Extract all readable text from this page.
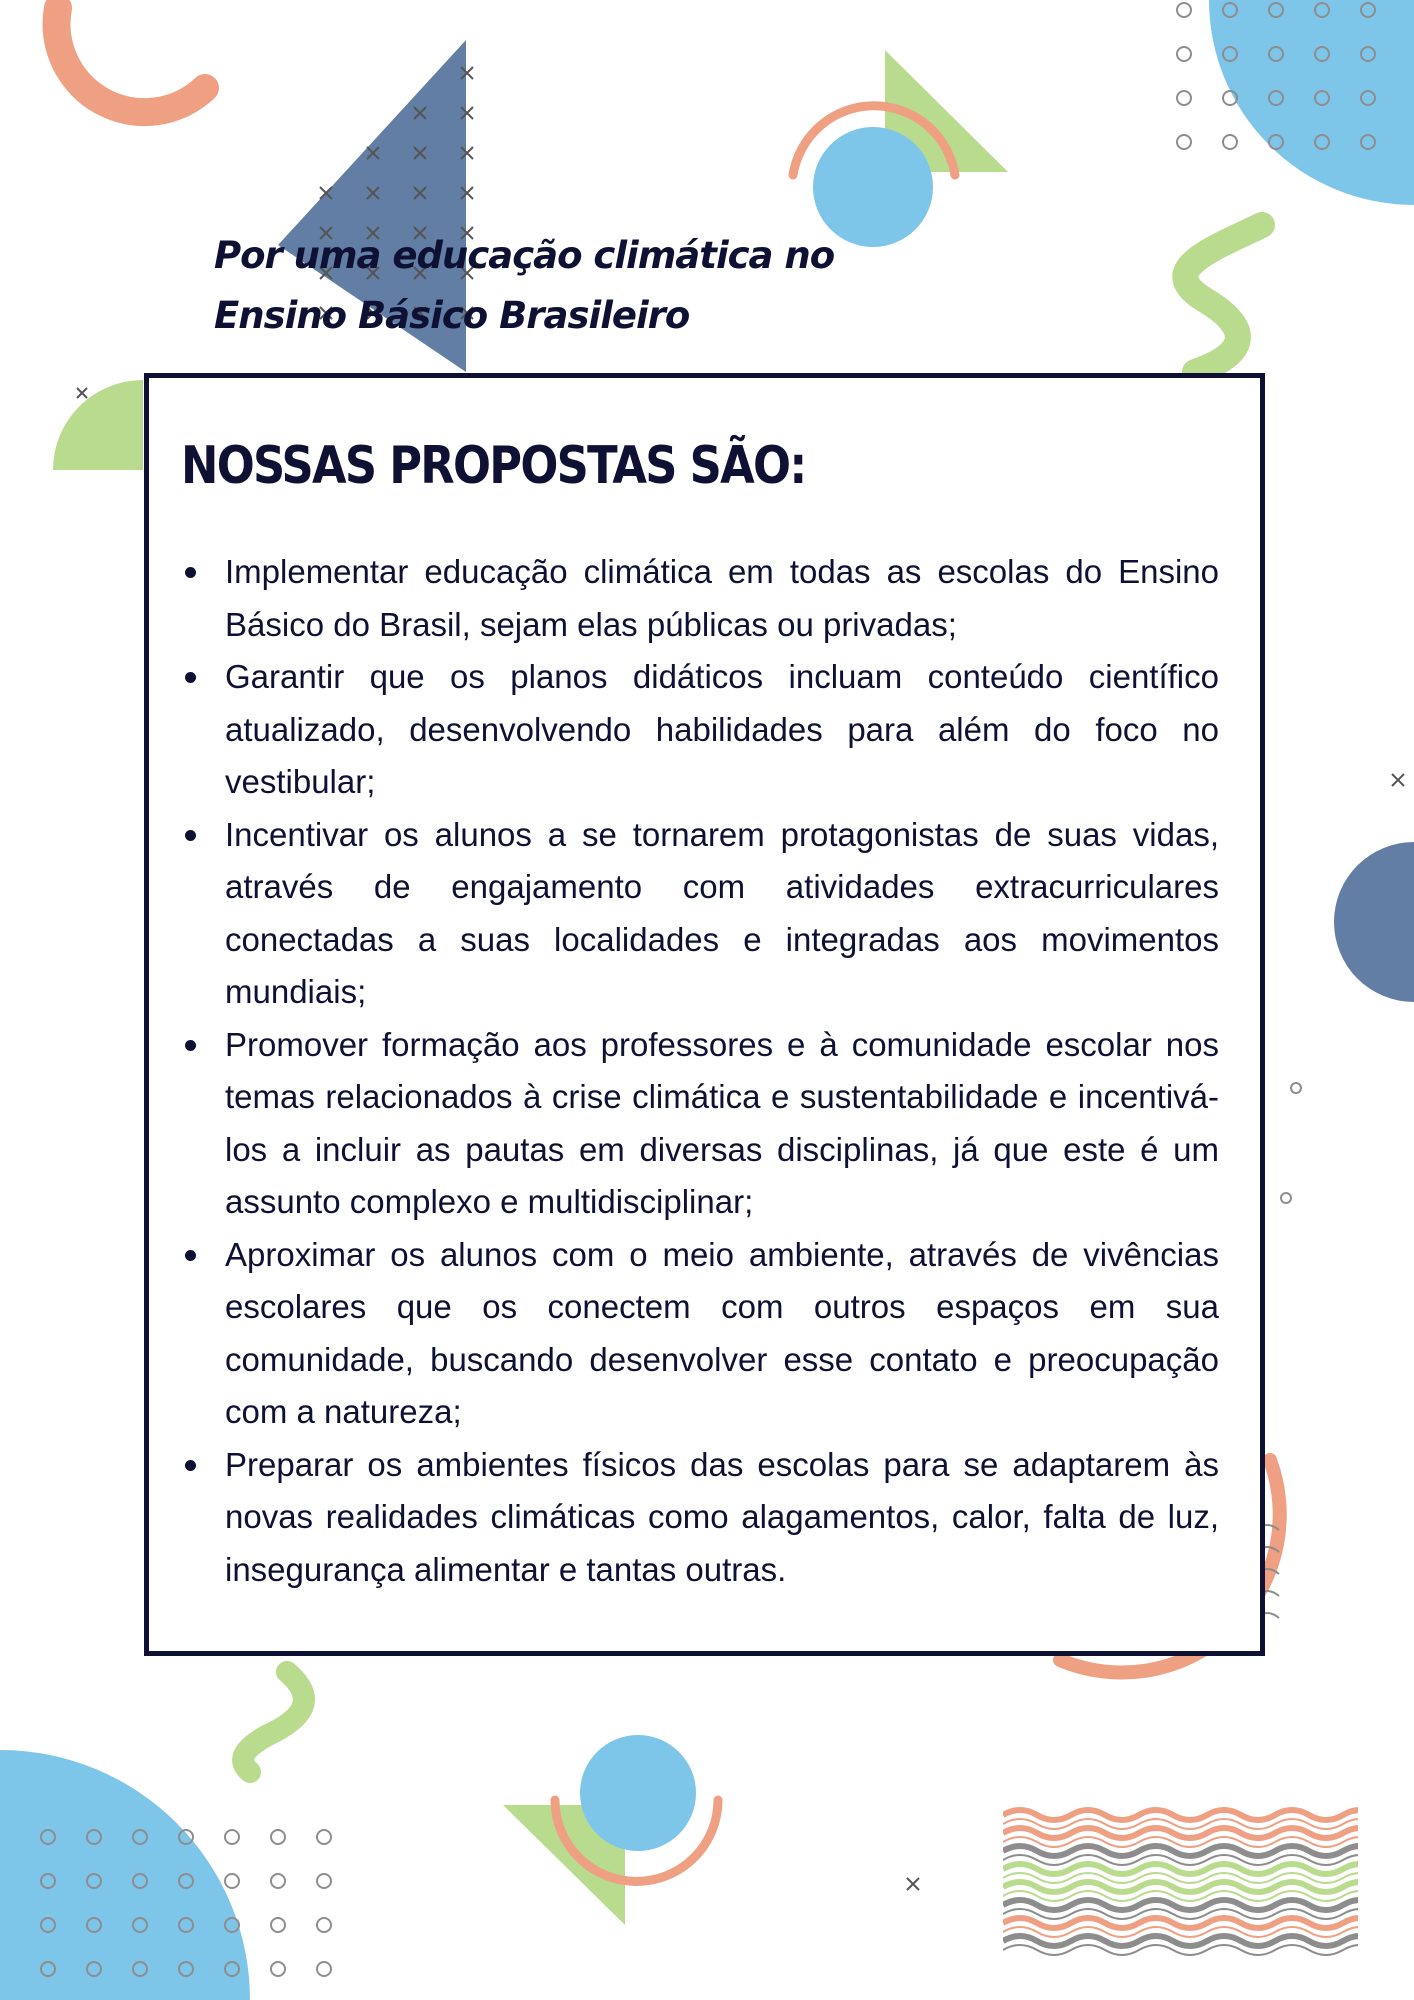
Por uma educação climática no
Ensino Básico Brasileiro
NOSSAS PROPOSTAS SÃO:
Implementar educação climática em todas as escolas do Ensino Básico do Brasil, sejam elas públicas ou privadas;
Garantir que os planos didáticos incluam conteúdo científico atualizado, desenvolvendo habilidades para além do foco no vestibular;
Incentivar os alunos a se tornarem protagonistas de suas vidas, através de engajamento com atividades extracurriculares conectadas a suas localidades e integradas aos movimentos mundiais;
Promover formação aos professores e à comunidade escolar nos temas relacionados à crise climática e sustentabilidade e incentivá-los a incluir as pautas em diversas disciplinas, já que este é um assunto complexo e multidisciplinar;
Aproximar os alunos com o meio ambiente, através de vivências escolares que os conectem com outros espaços em sua comunidade, buscando desenvolver esse contato e preocupação com a natureza;
Preparar os ambientes físicos das escolas para se adaptarem às novas realidades climáticas como alagamentos, calor, falta de luz, insegurança alimentar e tantas outras.
